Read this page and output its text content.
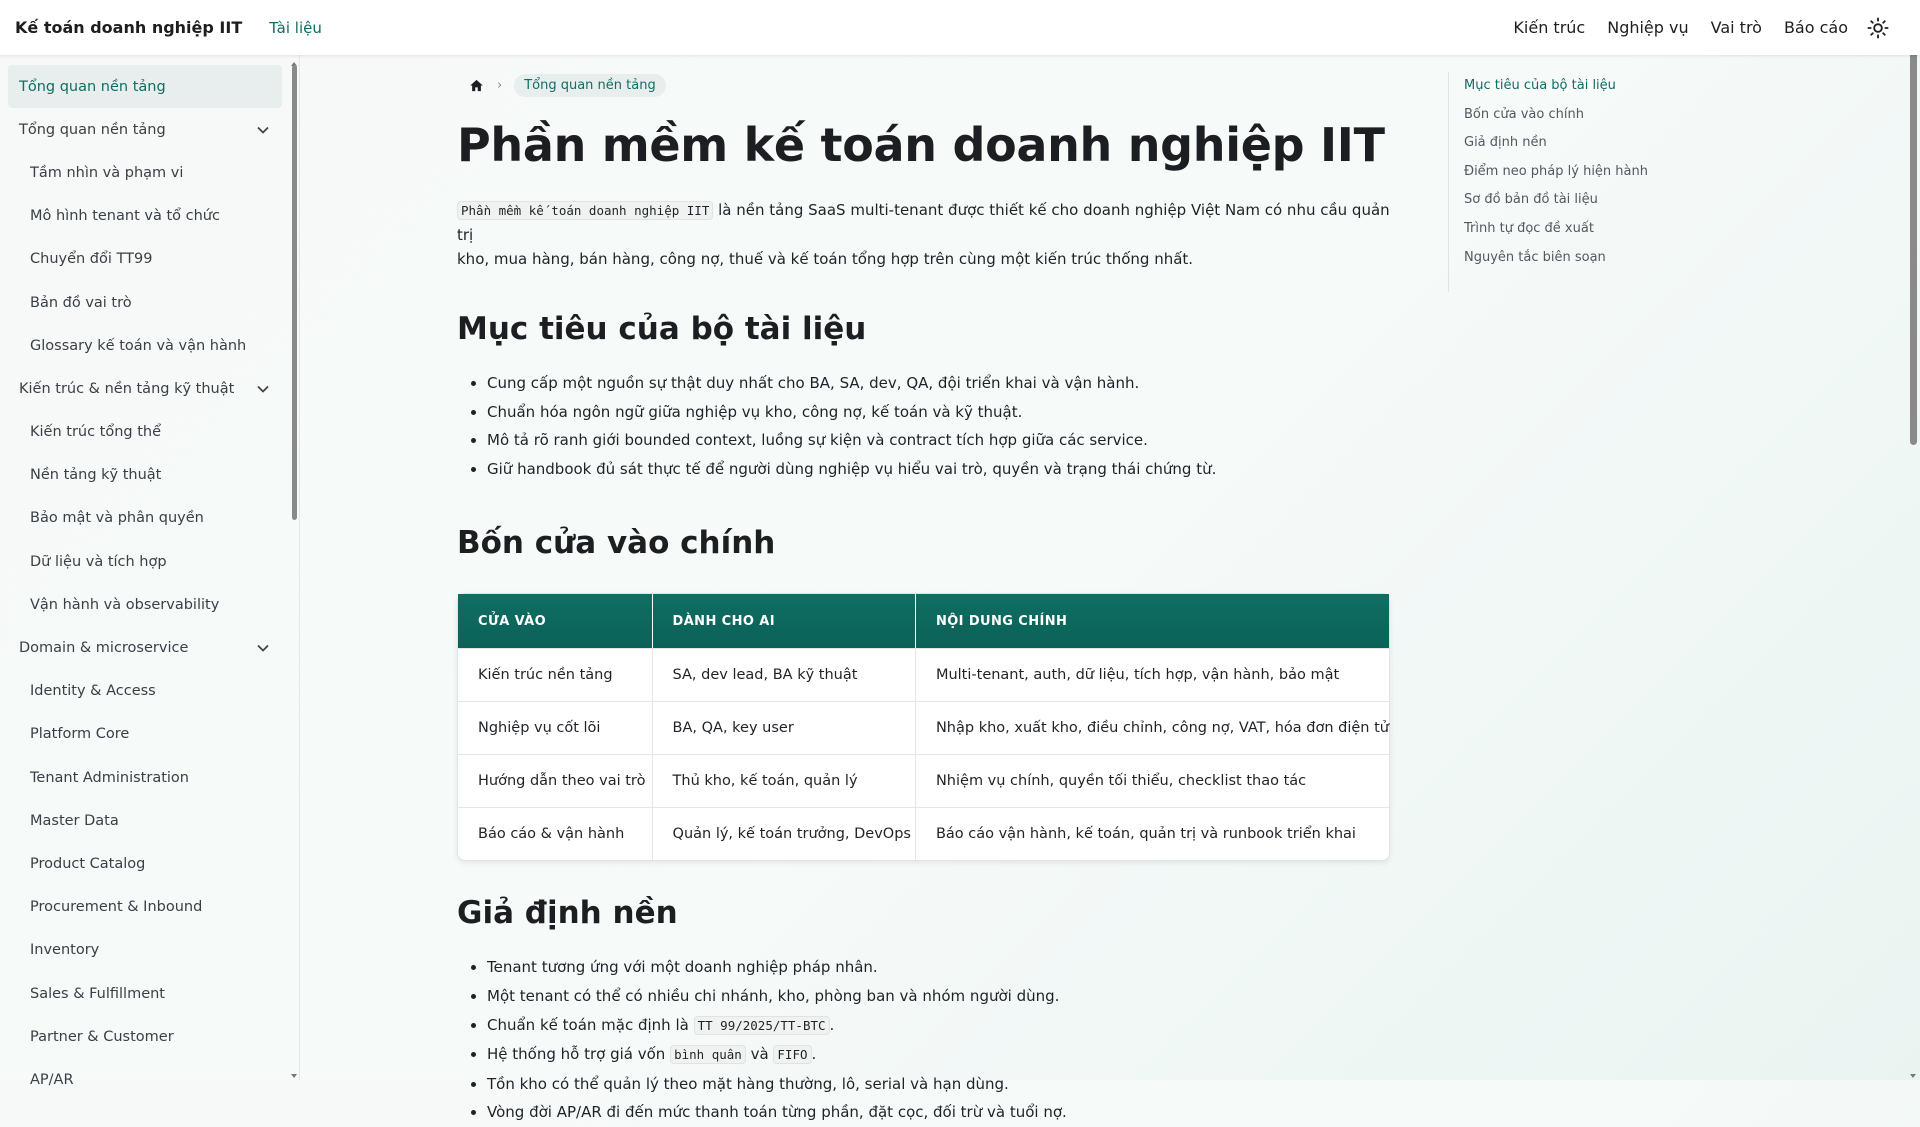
Kế toán doanh nghiệp IIT Tài liệu	Kiến trúc Nghiệp vụ Vai trò Báo cáo
Tổng quan nền tảng
Tổng quan nền tảng
Tầm nhìn và phạm vi
Mô hình tenant và tổ chức
Chuyển đổi TT99
Bản đồ vai trò
Glossary kế toán và vận hành
Kiến trúc & nền tảng kỹ thuật
Kiến trúc tổng thể
Nền tảng kỹ thuật
Bảo mật và phân quyền
Dữ liệu và tích hợp
Vận hành và observability
Domain & microservice
Identity & Access
Platform Core
Tenant Administration
Master Data
Product Catalog
Procurement & Inbound
Inventory
Sales & Fulfillment
Partner & Customer
AP/AR
›	Tổng quan nền tảng
Phần mềm kế toán doanh nghiệp IIT

Phần mềm kế toán doanh nghiệp IIT là nền tảng SaaS multi-tenant được thiết kế cho doanh nghiệp Việt Nam có nhu cầu quản trị
kho, mua hàng, bán hàng, công nợ, thuế và kế toán tổng hợp trên cùng một kiến trúc thống nhất.

Mục tiêu của bộ tài liệu
• Cung cấp một nguồn sự thật duy nhất cho BA, SA, dev, QA, đội triển khai và vận hành.
• Chuẩn hóa ngôn ngữ giữa nghiệp vụ kho, công nợ, kế toán và kỹ thuật.
• Mô tả rõ ranh giới bounded context, luồng sự kiện và contract tích hợp giữa các service.
• Giữ handbook đủ sát thực tế để người dùng nghiệp vụ hiểu vai trò, quyền và trạng thái chứng từ.
Bốn cửa vào chính
CỬA VÀO	DÀNH CHO AI	NỘI DUNG CHÍNH
Kiến trúc nền tảng	SA, dev lead, BA kỹ thuật	Multi-tenant, auth, dữ liệu, tích hợp, vận hành, bảo mật
Nghiệp vụ cốt lõi	BA, QA, key user	Nhập kho, xuất kho, điều chỉnh, công nợ, VAT, hóa đơn điện tử
Hướng dẫn theo vai trò	Thủ kho, kế toán, quản lý	Nhiệm vụ chính, quyền tối thiểu, checklist thao tác
Báo cáo & vận hành	Quản lý, kế toán trưởng, DevOps	Báo cáo vận hành, kế toán, quản trị và runbook triển khai
Giả định nền
• Tenant tương ứng với một doanh nghiệp pháp nhân.
• Một tenant có thể có nhiều chi nhánh, kho, phòng ban và nhóm người dùng.
• Chuẩn kế toán mặc định là TT 99/2025/TT-BTC .
• Hệ thống hỗ trợ giá vốn bình quân và FIFO .
• Tồn kho có thể quản lý theo mặt hàng thường, lô, serial và hạn dùng.
• Vòng đời AP/AR đi đến mức thanh toán từng phần, đặt cọc, đối trừ và tuổi nợ.
Mục tiêu của bộ tài liệu
Bốn cửa vào chính
Giả định nền
Điểm neo pháp lý hiện hành
Sơ đồ bản đồ tài liệu
Trình tự đọc đề xuất
Nguyên tắc biên soạn
